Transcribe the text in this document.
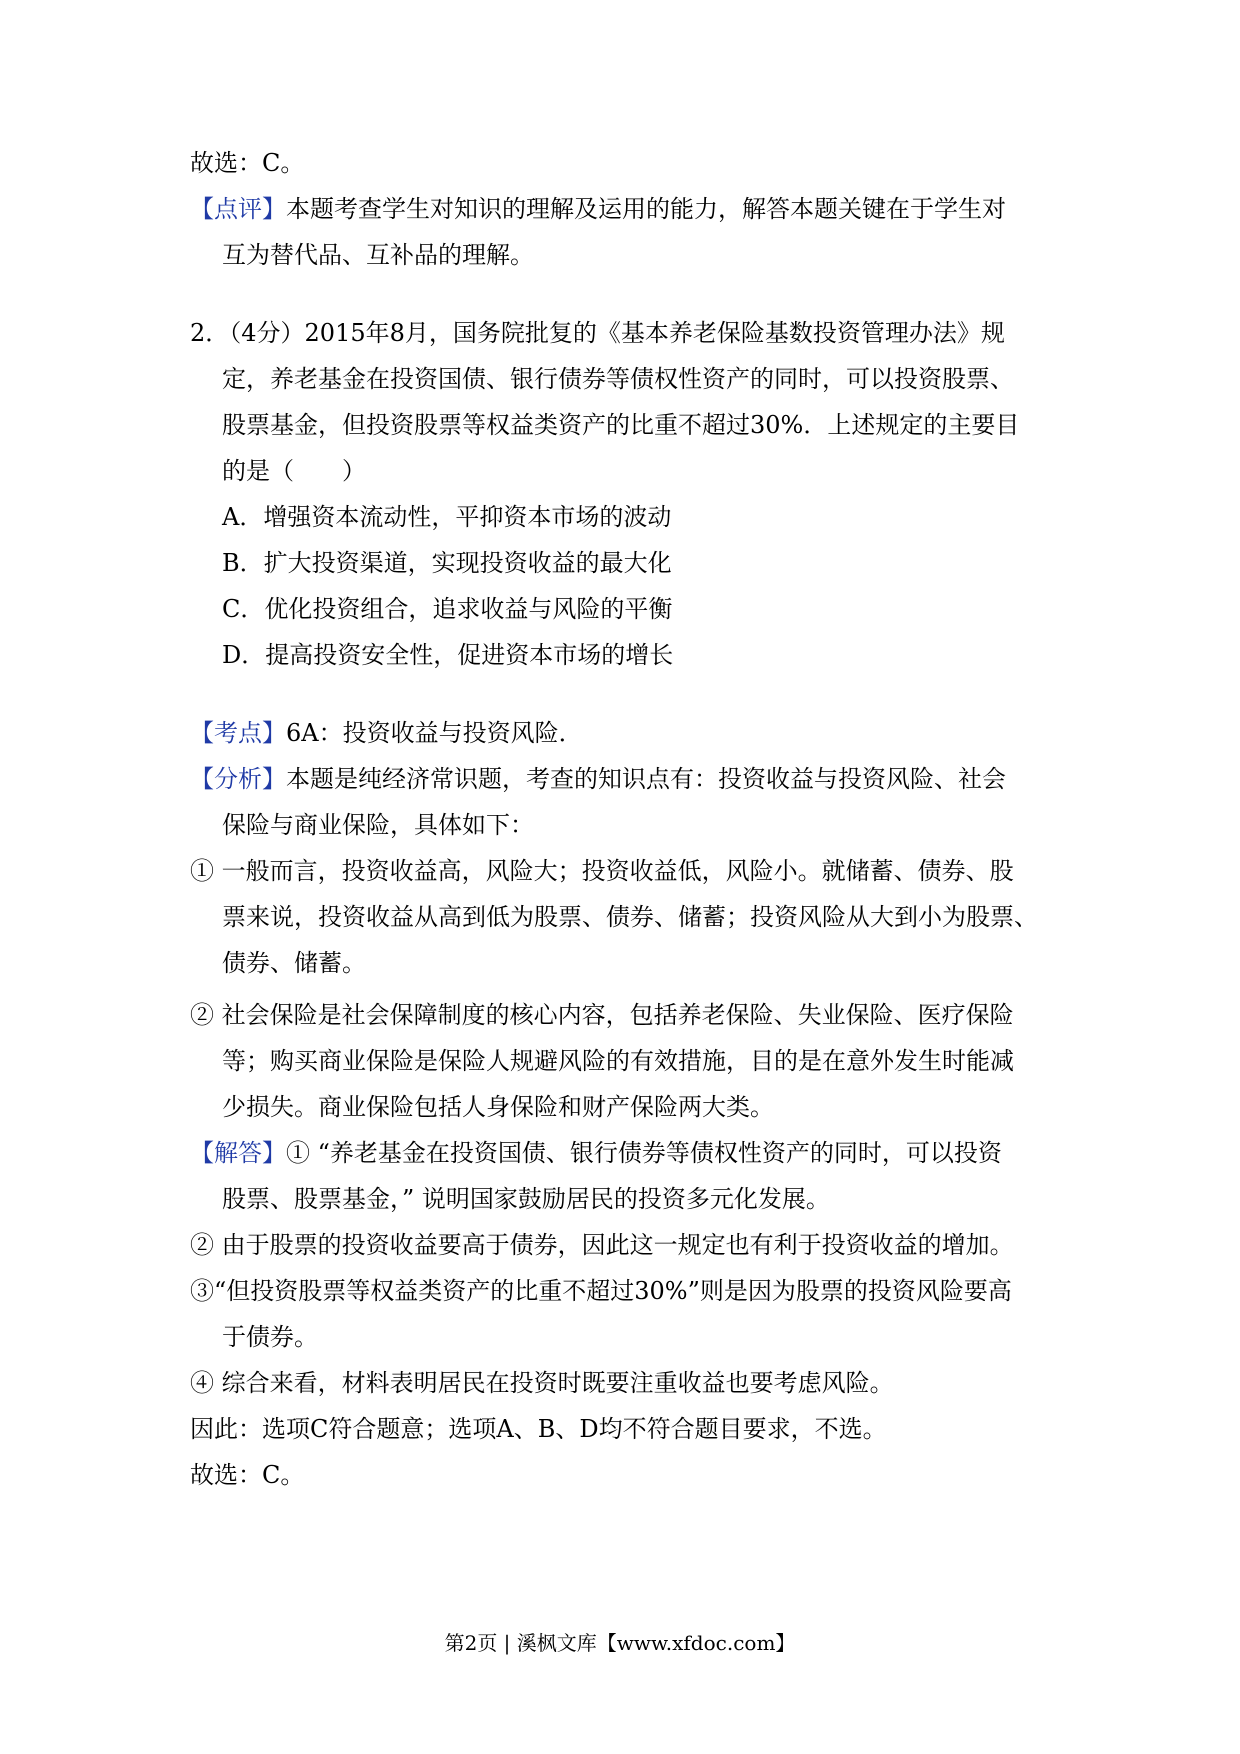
故选：C。
【点评】本题考查学生对知识的理解及运用的能力，解答本题关键在于学生对
互为替代品、互补品的理解。
2．（4分）2015年8月，国务院批复的《基本养老保险基数投资管理办法》规
定，养老基金在投资国债、银行债券等债权性资产的同时，可以投资股票、
股票基金，但投资股票等权益类资产的比重不超过30%．上述规定的主要目
的是（　　）
A．增强资本流动性，平抑资本市场的波动
B．扩大投资渠道，实现投资收益的最大化
C．优化投资组合，追求收益与风险的平衡
D．提高投资安全性，促进资本市场的增长
【考点】6A：投资收益与投资风险．
【分析】本题是纯经济常识题，考查的知识点有：投资收益与投资风险、社会
保险与商业保险，具体如下：
① 一般而言，投资收益高，风险大；投资收益低，风险小。就储蓄、债券、股
票来说，投资收益从高到低为股票、债券、储蓄；投资风险从大到小为股票、
债券、储蓄。
② 社会保险是社会保障制度的核心内容，包括养老保险、失业保险、医疗保险
等；购买商业保险是保险人规避风险的有效措施，目的是在意外发生时能减
少损失。商业保险包括人身保险和财产保险两大类。
【解答】① “养老基金在投资国债、银行债券等债权性资产的同时，可以投资
股票、股票基金，” 说明国家鼓励居民的投资多元化发展。
② 由于股票的投资收益要高于债券，因此这一规定也有利于投资收益的增加。
③“但投资股票等权益类资产的比重不超过30%”则是因为股票的投资风险要高
于债券。
④ 综合来看，材料表明居民在投资时既要注重收益也要考虑风险。
因此：选项C符合题意；选项A、B、D均不符合题目要求，不选。
故选：C。
第2页 | 溪枫文库【www.xfdoc.com】
